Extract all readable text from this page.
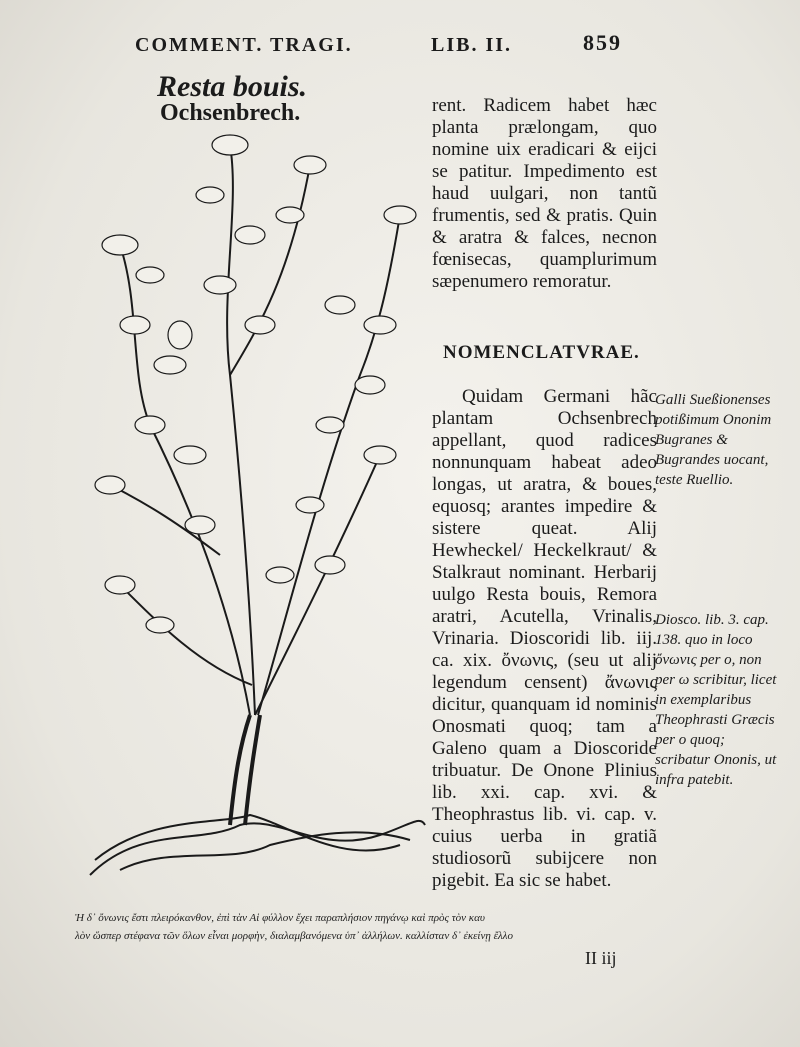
COMMENT. TRAGI.	LIB. II.	859
Resta bouis.
Ochsenbrech.	rent. Radicem habet hæc planta prælongam, quo nomine uix eradicari & eijci se patitur. Impedimento est haud uulgari, non tantũ frumentis, sed & pratis. Quin & aratra & falces, necnon fœnisecas, quamplurimum sæpenumero remoratur.

NOMENCLATVRAE.

Quidam Germani hãc plantam Ochsenbrech appellant, quod radices nonnunquam habeat adeo longas, ut aratra, & boues, equosq; arantes impedire & sistere queat. Alij Hewheckel/ Heckelkraut/ & Stalkraut nominant. Herbarij uulgo Resta bouis, Remora aratri, Acutella, Vrinalis, Vrinaria. Dioscoridi lib. iij. ca. xix. ὄνωνις, (seu ut alij legendum censent) ἄνωνις dicitur, quanquam id nominis Onosmati quoq; tam a Galeno quam a Dioscoride tribuatur. De Onone Plinius lib. xxi. cap. xvi. & Theophrastus lib. vi. cap. v. cuius uerba in gratiã studiosorũ subijcere non pigebit. Ea sic se habet.

Galli Sueßionenses potißimum Ononim Bugranes & Bugrandes uocant, teste Ruellio.
Diosco. lib. 3. cap. 138. quo in loco ὄνωνις per o, non per ω scribitur, licet in exemplaribus Theophrasti Græcis per o quoq; scribatur Ononis, ut infra patebit.
Ἡ δ᾽ ὄνωνις ἔστι πλειρόκανθον, ἐπὶ τὰν Αἱ φύλλον ἔχει παραπλήσιον πηγάνῳ καὶ πρὸς τὸν καυ
λὸν ὥσπερ στέφανα τῶν ὅλων εἶναι μορφὴν, διαλαμβανόμενα ὑπ᾽ ἀλλήλων. καλλίσταν δ᾽ ἐκείνῃ ἔλλο
II iij
